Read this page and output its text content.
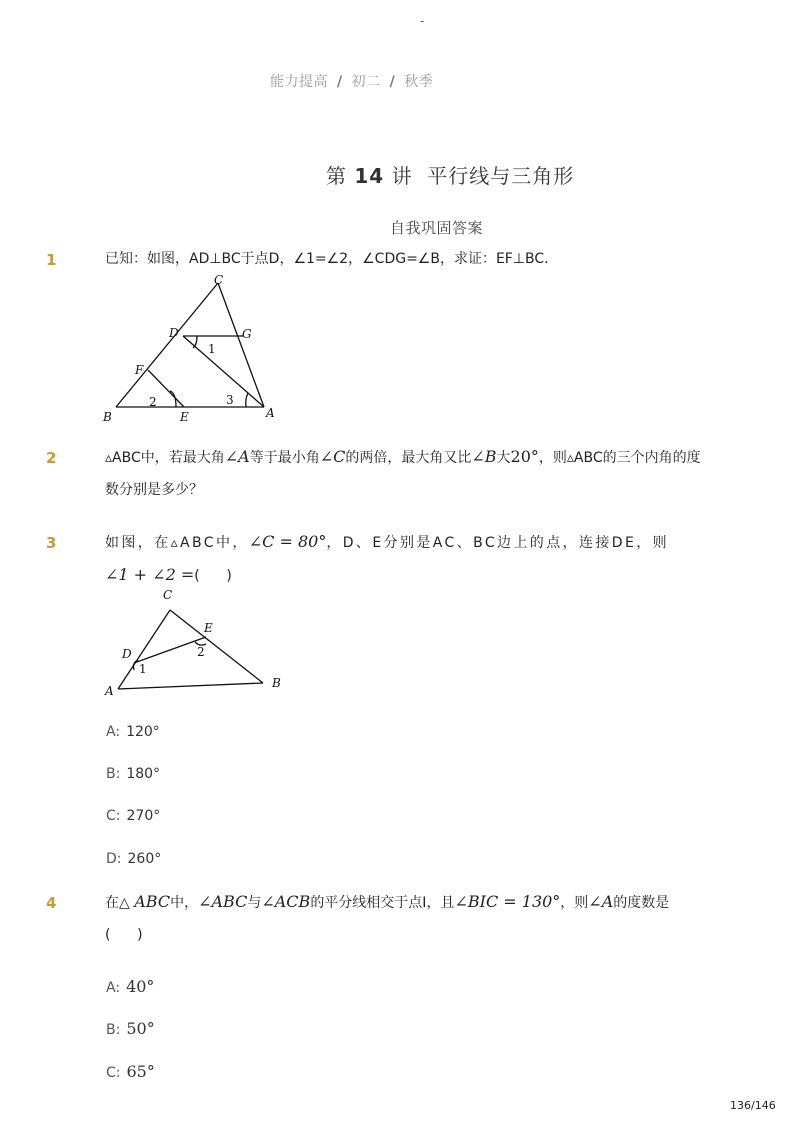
-
能力提高 / 初二 / 秋季
第 14 讲  平行线与三角形
自我巩固答案
1	已知：如图，AD⊥BC于点D，∠1=∠2，∠CDG=∠B，求证：EF⊥BC．
C
D	G
1
F
2	3
B	E	A
2	▵ABC中，若最大角∠A等于最小角∠C的两倍，最大角又比∠B大20°，则▵ABC的三个内角的度
数分别是多少？
3	如图，在▵ABC中，∠C = 80°，D、E分别是AC、BC边上的点，连接DE，则
∠1 + ∠2 =(      )
C
E
D	2
1
A
B
A: 120°
B: 180°
C: 270°
D: 260°
4	在△ ABC中，∠ABC与∠ACB的平分线相交于点I，且∠BIC = 130°，则∠A的度数是
(      )
A: 40°
B: 50°
C: 65°
136/146
